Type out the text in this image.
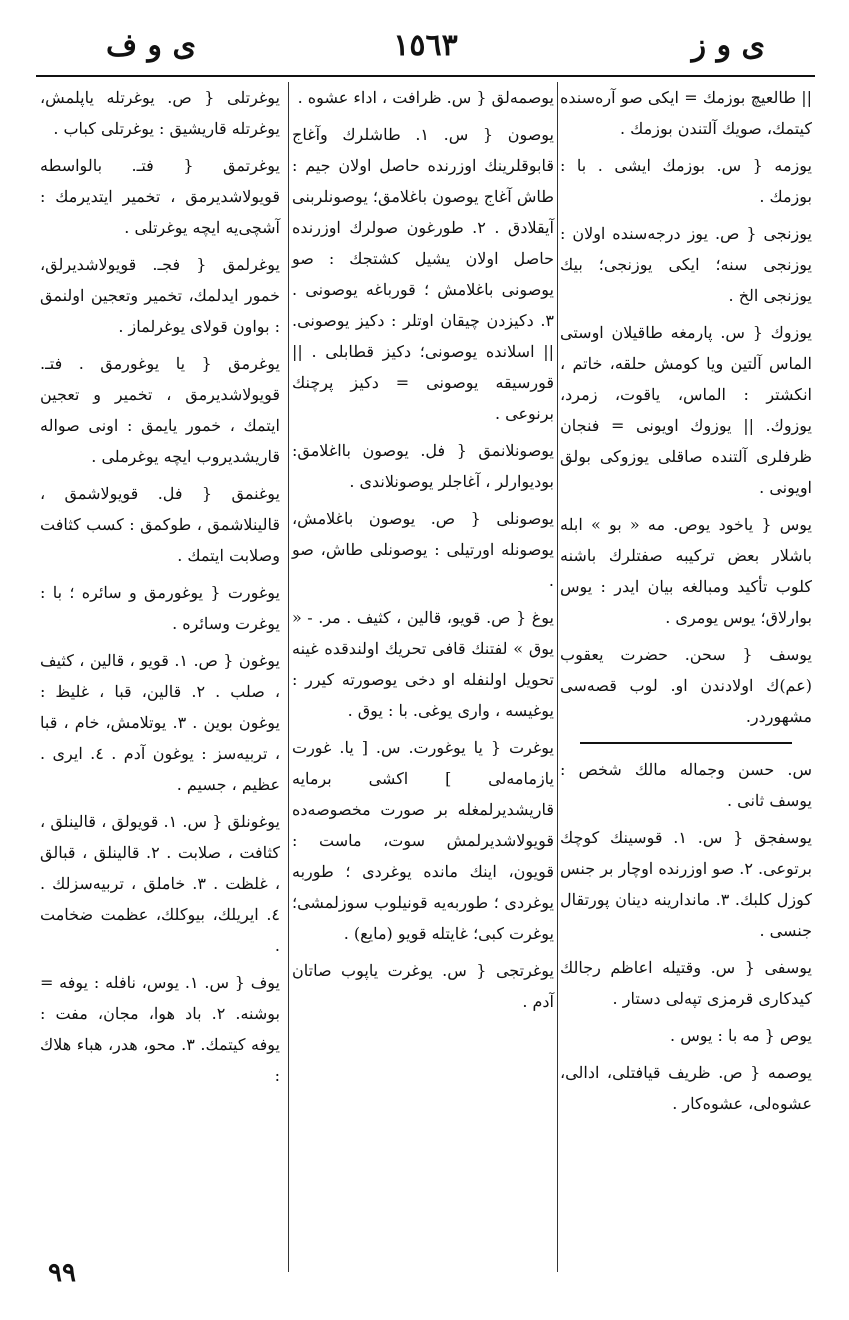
ی و ف	١٥٦٣	ی و ز

|| طالعیچ بوزمك = ایكی صو آره‌سنده كیتمك، صویك آلتندن بوزمك .

یوزمه { س. بوزمك ایشی . با : بوزمك .

یوزنجی { ص. یوز درجه‌سنده اولان : یوزنجی سنه؛ ایكی یوزنجی؛ بیك یوزنجی الخ .

یوزوك { س. پارمغه طاقیلان اوستی الماس آلتین ویا كومش حلقه، خاتم ، انكشتر : الماس، یاقوت، زمرد، یوزوك. || یوزوك اویونی = فنجان ظرفلری آلتنده صاقلی یوزوكی بولق اویونی .

یوس { یاخود یوص. مه « بو » ابله باشلار بعض تركیبه صفتلرك باشنه كلوب تأكید ومبالغه بیان ایدر : یوس بوارلاق؛ یوس یومری .

یوسف { سحن. حضرت یعقوب (عم)ك اولادندن او. لوب قصه‌سی مشهوردر.

س. حسن وجماله مالك شخص : یوسف ثانی .

یوسفجق { س. ١. قوسینك كوچك برتوعی. ٢. صو اوزرنده اوچار بر جنس كوزل كلبك. ٣. ماندارینه دینان پورتقال جنسی .

یوسفی { س. وقتیله اعاظم رجالك كیدكاری قرمزی تپه‌لی دستار .

یوص { مه با : یوس .

یوصمه { ص. ظریف قیافتلی، ادالی، عشوه‌لی، عشوه‌كار .

یوصمه‌لق { س. ظرافت ، اداء عشوه .

یوصون { س. ١. طاشلرك وآغاج قابوقلرینك اوزرنده حاصل اولان جیم : طاش آغاج یوصون باغلامق؛ یوصونلربنی آیقلادق . ٢. طورغون صولرك اوزرنده حاصل اولان یشیل كشتجك : صو یوصونی باغلامش ؛ قورباغه یوصونی . ٣. دكیزدن چیقان اوتلر : دكیز یوصونی. || اسلانده یوصونی؛ دكیز قطابلی . || قورسیقه یوصونی = دكیز پرچنك برنوعی .

یوصونلانمق { فل. یوصون بااغلامق: بودیوارلر ، آغاجلر یوصونلاندی .

یوصونلی { ص. یوصون باغلامش، یوصونله اورتیلی : یوصونلی طاش، صو .

یوغ { ص. قویو، قالین ، كثیف . مر. - « یوق » لفتنك قافی تحریك اولندقده غینه تحویل اولنفله او دخی یوصورته كیرر : یوغیسه ، واری یوغی. با : یوق .

یوغرت { یا یوغورت. س. [ یا. غورت یازمامه‌لی ] اكشی برمایه قاریشدیرلمغله بر صورت مخصوصه‌ده قویولاشدیرلمش سوت، ماست : قویون، اینك مانده یوغردی ؛ طوربه یوغردی ؛ طوربه‌یه قونیلوب سوزلمشی؛ یوغرت كبی؛ غایتله قویو (مایع) .

یوغرتجی { س. یوغرت یاپوب صاتان آدم .

یوغرتلی { ص. یوغرتله یاپلمش، یوغرتله قاریشیق : یوغرتلی كباب .

یوغرتمق { فتـ. بالواسطه قویولاشدیرمق ، تخمیر ایتدیرمك : آشچی‌یه ایچه یوغرتلی .

یوغرلمق { فجـ. قویولاشدیرلق، خمور ایدلمك، تخمیر وتعجین اولنمق : بواون قولای یوغرلماز .

یوغرمق { یا یوغورمق . فتـ. قویولاشدیرمق ، تخمیر و تعجین ایتمك ، خمور یایمق : اونی صواله قاریشدیروب ایچه یوغرملی .

یوغنمق { فل. قویولاشمق ، قالینلاشمق ، طوكمق : كسب كثافت وصلابت ایتمك .

یوغورت { یوغورمق و سائره ؛ با : یوغرت وسائره .

یوغون { ص. ١. قویو ، قالین ، كثیف ، صلب . ٢. قالین، قبا ، غلیظ : یوغون بوین . ٣. یوتلامش، خام ، قبا ، تربیه‌سز : یوغون آدم . ٤. ایری . عظیم ، جسیم .

یوغونلق { س. ١. قویولق ، قالینلق ، كثافت ، صلابت . ٢. قالینلق ، قبالق ، غلظت . ٣. خاملق ، تربیه‌سزلك . ٤. ایریلك، بیوكلك، عظمت ضخامت .

یوف { س. ١. یوس، نافله : یوفه = بوشنه. ٢. باد هوا، مجان، مفت : یوفه كیتمك. ٣. محو، هدر، هباء هلاك :

٩٩
